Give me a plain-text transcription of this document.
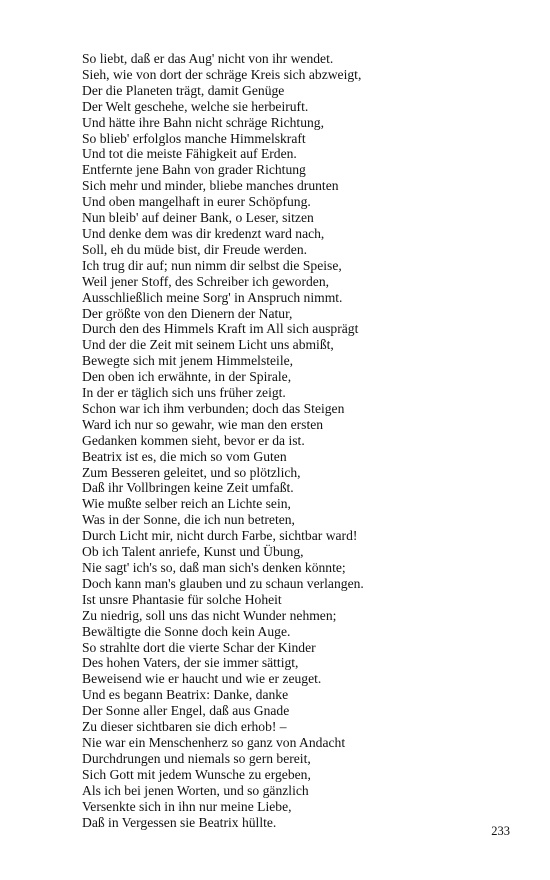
So liebt, daß er das Aug' nicht von ihr wendet.
Sieh, wie von dort der schräge Kreis sich abzweigt,
Der die Planeten trägt, damit Genüge
Der Welt geschehe, welche sie herbeiruft.
Und hätte ihre Bahn nicht schräge Richtung,
So blieb' erfolglos manche Himmelskraft
Und tot die meiste Fähigkeit auf Erden.
Entfernte jene Bahn von grader Richtung
Sich mehr und minder, bliebe manches drunten
Und oben mangelhaft in eurer Schöpfung.
Nun bleib' auf deiner Bank, o Leser, sitzen
Und denke dem was dir kredenzt ward nach,
Soll, eh du müde bist, dir Freude werden.
Ich trug dir auf; nun nimm dir selbst die Speise,
Weil jener Stoff, des Schreiber ich geworden,
Ausschließlich meine Sorg' in Anspruch nimmt.
Der größte von den Dienern der Natur,
Durch den des Himmels Kraft im All sich ausprägt
Und der die Zeit mit seinem Licht uns abmißt,
Bewegte sich mit jenem Himmelsteile,
Den oben ich erwähnte, in der Spirale,
In der er täglich sich uns früher zeigt.
Schon war ich ihm verbunden; doch das Steigen
Ward ich nur so gewahr, wie man den ersten
Gedanken kommen sieht, bevor er da ist.
Beatrix ist es, die mich so vom Guten
Zum Besseren geleitet, und so plötzlich,
Daß ihr Vollbringen keine Zeit umfaßt.
Wie mußte selber reich an Lichte sein,
Was in der Sonne, die ich nun betreten,
Durch Licht mir, nicht durch Farbe, sichtbar ward!
Ob ich Talent anriefe, Kunst und Übung,
Nie sagt' ich's so, daß man sich's denken könnte;
Doch kann man's glauben und zu schaun verlangen.
Ist unsre Phantasie für solche Hoheit
Zu niedrig, soll uns das nicht Wunder nehmen;
Bewältigte die Sonne doch kein Auge.
So strahlte dort die vierte Schar der Kinder
Des hohen Vaters, der sie immer sättigt,
Beweisend wie er haucht und wie er zeuget.
Und es begann Beatrix: Danke, danke
Der Sonne aller Engel, daß aus Gnade
Zu dieser sichtbaren sie dich erhob! –
Nie war ein Menschenherz so ganz von Andacht
Durchdrungen und niemals so gern bereit,
Sich Gott mit jedem Wunsche zu ergeben,
Als ich bei jenen Worten, und so gänzlich
Versenkte sich in ihn nur meine Liebe,
Daß in Vergessen sie Beatrix hüllte.
233
